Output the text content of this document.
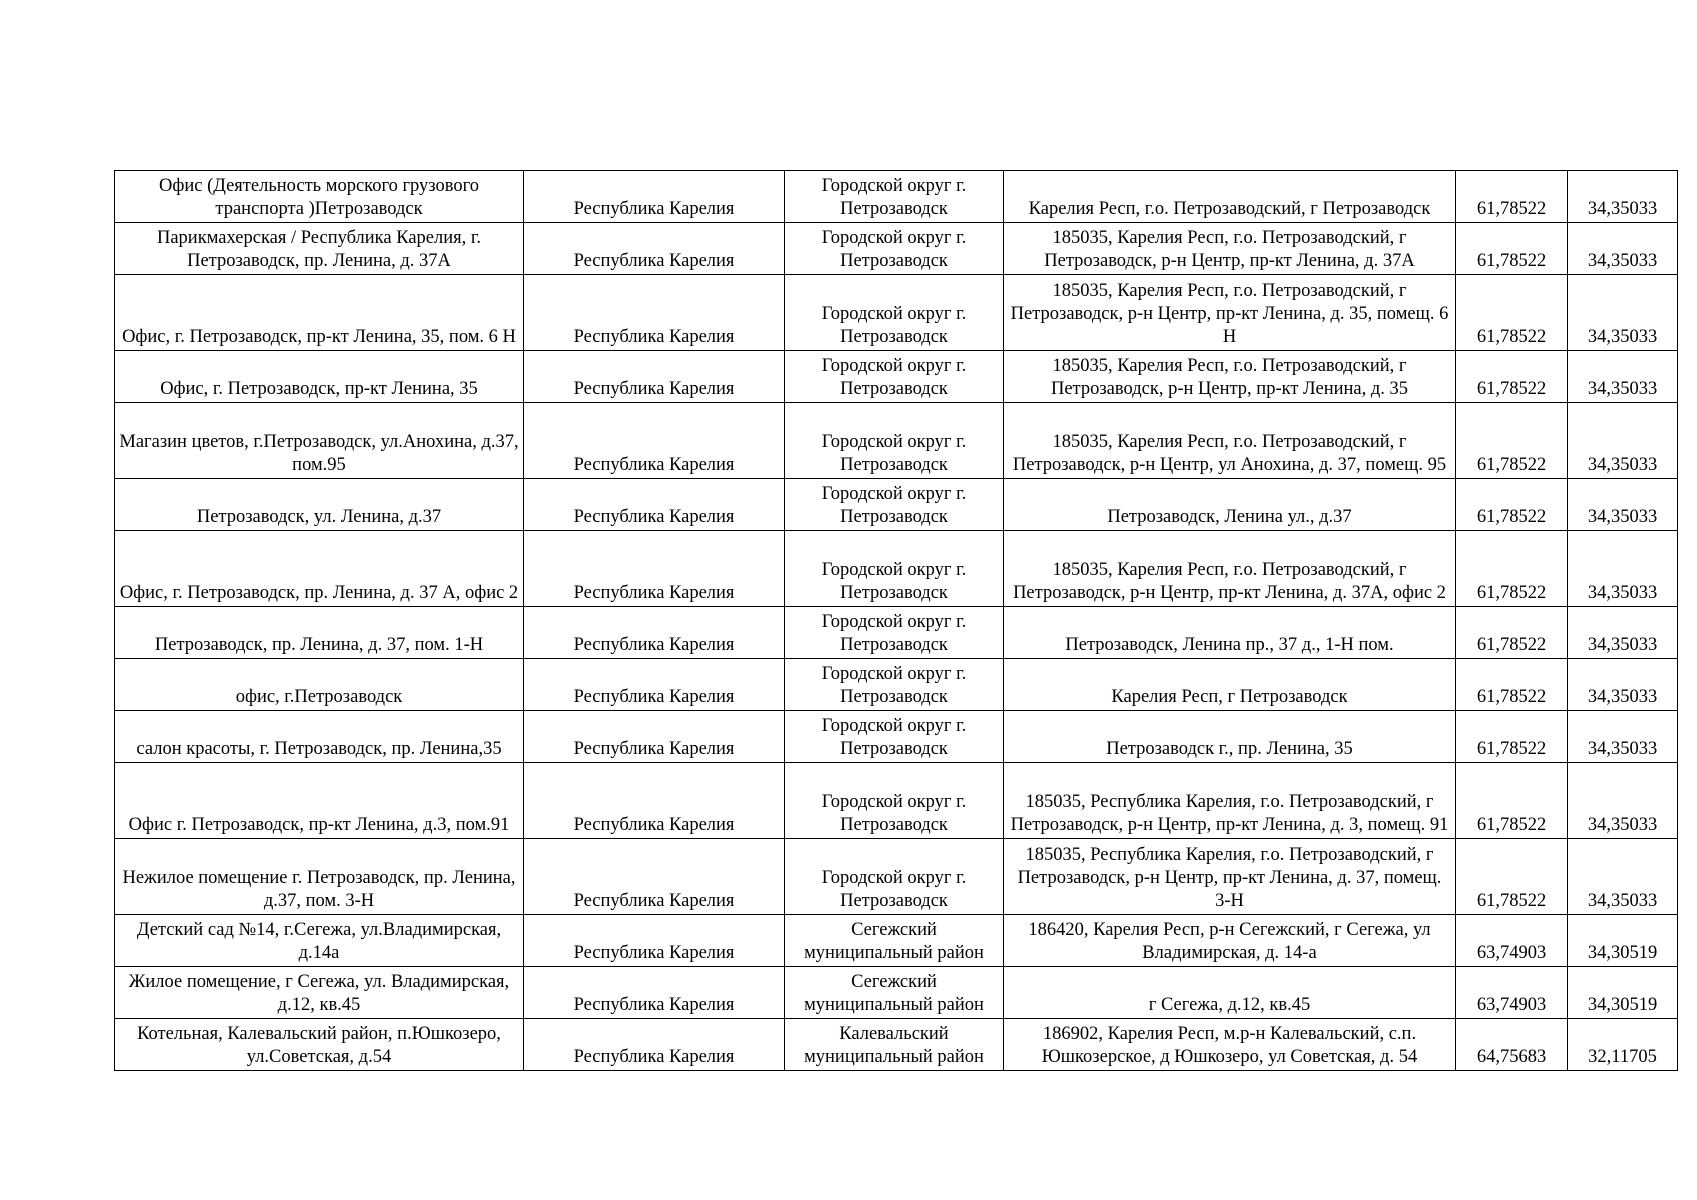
Офис (Деятельность морского грузового транспорта )Петрозаводск	Республика Карелия	Городской округ г. Петрозаводск	Карелия Респ, г.о. Петрозаводский, г Петрозаводск	61,78522	34,35033

Парикмахерская / Республика Карелия, г. Петрозаводск, пр. Ленина, д. 37А	Республика Карелия	Городской округ г. Петрозаводск	185035, Карелия Респ, г.о. Петрозаводский, г Петрозаводск, р-н Центр, пр-кт Ленина, д. 37А	61,78522	34,35033

Офис, г. Петрозаводск, пр-кт Ленина, 35, пом. 6 Н	Республика Карелия	Городской округ г. Петрозаводск	185035, Карелия Респ, г.о. Петрозаводский, г Петрозаводск, р-н Центр, пр-кт Ленина, д. 35, помещ. 6 Н	61,78522	34,35033

Офис, г. Петрозаводск, пр-кт Ленина, 35	Республика Карелия	Городской округ г. Петрозаводск	185035, Карелия Респ, г.о. Петрозаводский, г Петрозаводск, р-н Центр, пр-кт Ленина, д. 35	61,78522	34,35033

Магазин цветов, г.Петрозаводск, ул.Анохина, д.37, пом.95	Республика Карелия	Городской округ г. Петрозаводск	185035, Карелия Респ, г.о. Петрозаводский, г Петрозаводск, р-н Центр, ул Анохина, д. 37, помещ. 95	61,78522	34,35033

Петрозаводск, ул. Ленина, д.37	Республика Карелия	Городской округ г. Петрозаводск	Петрозаводск, Ленина ул., д.37	61,78522	34,35033

Офис, г. Петрозаводск, пр. Ленина, д. 37 А, офис 2	Республика Карелия	Городской округ г. Петрозаводск	185035, Карелия Респ, г.о. Петрозаводский, г Петрозаводск, р-н Центр, пр-кт Ленина, д. 37А, офис 2	61,78522	34,35033

Петрозаводск, пр. Ленина, д. 37, пом. 1-Н	Республика Карелия	Городской округ г. Петрозаводск	Петрозаводск, Ленина пр., 37 д., 1-Н пом.	61,78522	34,35033

офис, г.Петрозаводск	Республика Карелия	Городской округ г. Петрозаводск	Карелия Респ, г Петрозаводск	61,78522	34,35033

салон красоты, г. Петрозаводск, пр. Ленина,35	Республика Карелия	Городской округ г. Петрозаводск	Петрозаводск г., пр. Ленина, 35	61,78522	34,35033

Офис г. Петрозаводск, пр-кт Ленина, д.3, пом.91	Республика Карелия	Городской округ г. Петрозаводск	185035, Республика Карелия, г.о. Петрозаводский, г Петрозаводск, р-н Центр, пр-кт Ленина, д. 3, помещ. 91	61,78522	34,35033

Нежилое помещение г. Петрозаводск, пр. Ленина, д.37, пом. 3-Н	Республика Карелия	Городской округ г. Петрозаводск	185035, Республика Карелия, г.о. Петрозаводский, г Петрозаводск, р-н Центр, пр-кт Ленина, д. 37, помещ. 3-Н	61,78522	34,35033

Детский сад №14, г.Сегежа, ул.Владимирская, д.14а	Республика Карелия	Сегежский муниципальный район	186420, Карелия Респ, р-н Сегежский, г Сегежа, ул Владимирская, д. 14-а	63,74903	34,30519

Жилое помещение, г Сегежа, ул. Владимирская, д.12, кв.45	Республика Карелия	Сегежский муниципальный район	г Сегежа, д.12, кв.45	63,74903	34,30519

Котельная, Калевальский район, п.Юшкозеро, ул.Советская, д.54	Республика Карелия	Калевальский муниципальный район	186902, Карелия Респ, м.р-н Калевальский, с.п. Юшкозерское, д Юшкозеро, ул Советская, д. 54	64,75683	32,11705
